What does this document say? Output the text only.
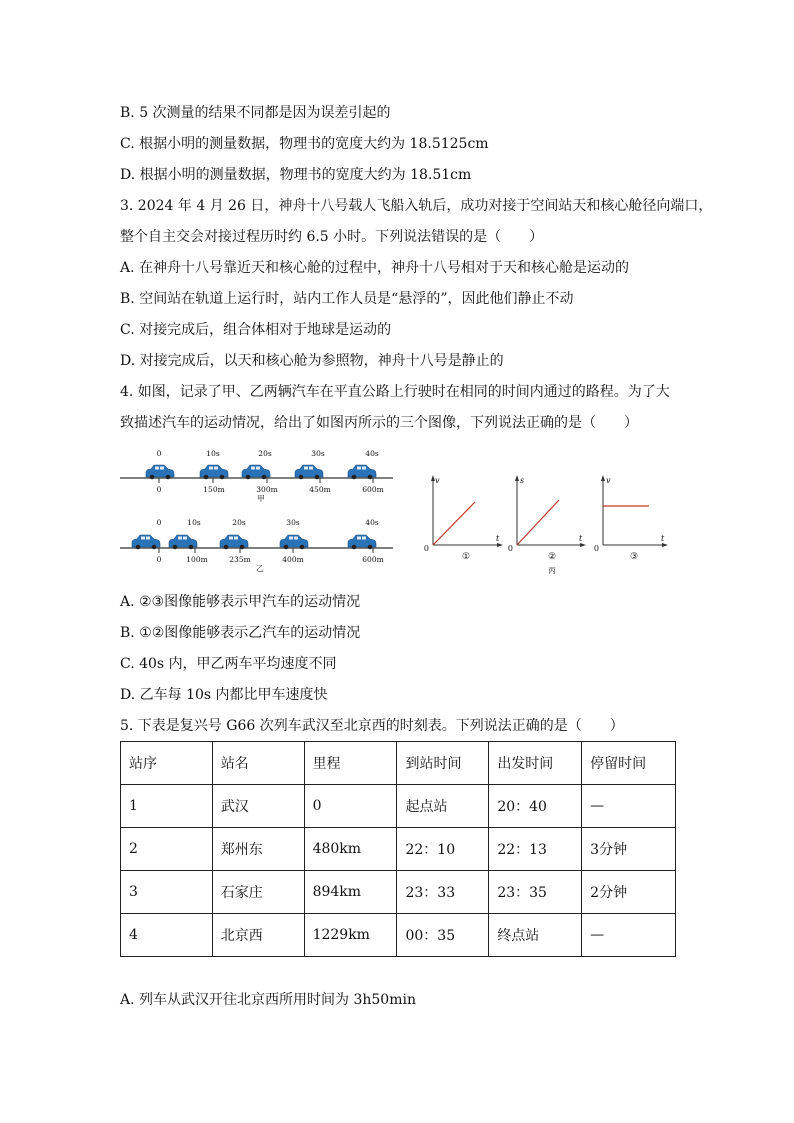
B. 5 次测量的结果不同都是因为误差引起的
C. 根据小明的测量数据，物理书的宽度大约为 18.5125cm
D. 根据小明的测量数据，物理书的宽度大约为 18.51cm
3. 2024 年 4 月 26 日，神舟十八号载人飞船入轨后，成功对接于空间站天和核心舱径向端口，
整个自主交会对接过程历时约 6.5 小时。下列说法错误的是（　　）
A. 在神舟十八号靠近天和核心舱的过程中，神舟十八号相对于天和核心舱是运动的
B. 空间站在轨道上运行时，站内工作人员是“悬浮的”，因此他们静止不动
C. 对接完成后，组合体相对于地球是运动的
D. 对接完成后，以天和核心舱为参照物，神舟十八号是静止的
4. 如图，记录了甲、乙两辆汽车在平直公路上行驶时在相同的时间内通过的路程。为了大
致描述汽车的运动情况，给出了如图丙所示的三个图像，下列说法正确的是（　　）
0	10s	20s	30s	40s
0	150m	300m	450m	600m
甲
0	10s	20s	30s	40s
0	100m	235m	400m	600m
乙
v
t
0
①
s
t
0
②
v
t
0
③
丙
A. ②③图像能够表示甲汽车的运动情况
B. ①②图像能够表示乙汽车的运动情况
C. 40s 内，甲乙两车平均速度不同
D. 乙车每 10s 内都比甲车速度快
5. 下表是复兴号 G66 次列车武汉至北京西的时刻表。下列说法正确的是（　　）
站序	站名	里程	到站时间	出发时间	停留时间
1	武汉	0	起点站	20：40	—
2	郑州东	480km	22：10	22：13	3分钟
3	石家庄	894km	23：33	23：35	2分钟
4	北京西	1229km	00：35	终点站	—
A. 列车从武汉开往北京西所用时间为 3h50min
